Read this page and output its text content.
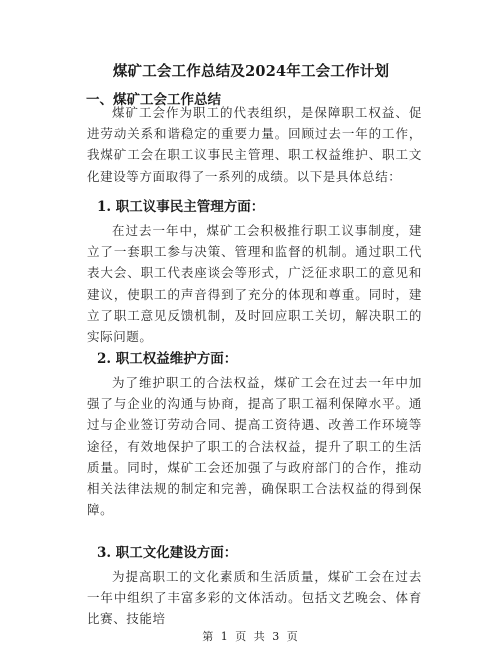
煤矿工会工作总结及2024年工会工作计划
一、煤矿工会工作总结
煤矿工会作为职工的代表组织，是保障职工权益、促进劳动关系和谐稳定的重要力量。回顾过去一年的工作，我煤矿工会在职工议事民主管理、职工权益维护、职工文化建设等方面取得了一系列的成绩。以下是具体总结：
1. 职工议事民主管理方面：
在过去一年中，煤矿工会积极推行职工议事制度，建立了一套职工参与决策、管理和监督的机制。通过职工代表大会、职工代表座谈会等形式，广泛征求职工的意见和建议，使职工的声音得到了充分的体现和尊重。同时，建立了职工意见反馈机制，及时回应职工关切，解决职工的实际问题。
2. 职工权益维护方面：
为了维护职工的合法权益，煤矿工会在过去一年中加强了与企业的沟通与协商，提高了职工福利保障水平。通过与企业签订劳动合同、提高工资待遇、改善工作环境等途径，有效地保护了职工的合法权益，提升了职工的生活质量。同时，煤矿工会还加强了与政府部门的合作，推动相关法律法规的制定和完善，确保职工合法权益的得到保障。
3. 职工文化建设方面：
为提高职工的文化素质和生活质量，煤矿工会在过去一年中组织了丰富多彩的文体活动。包括文艺晚会、体育比赛、技能培
第 1 页 共 3 页
